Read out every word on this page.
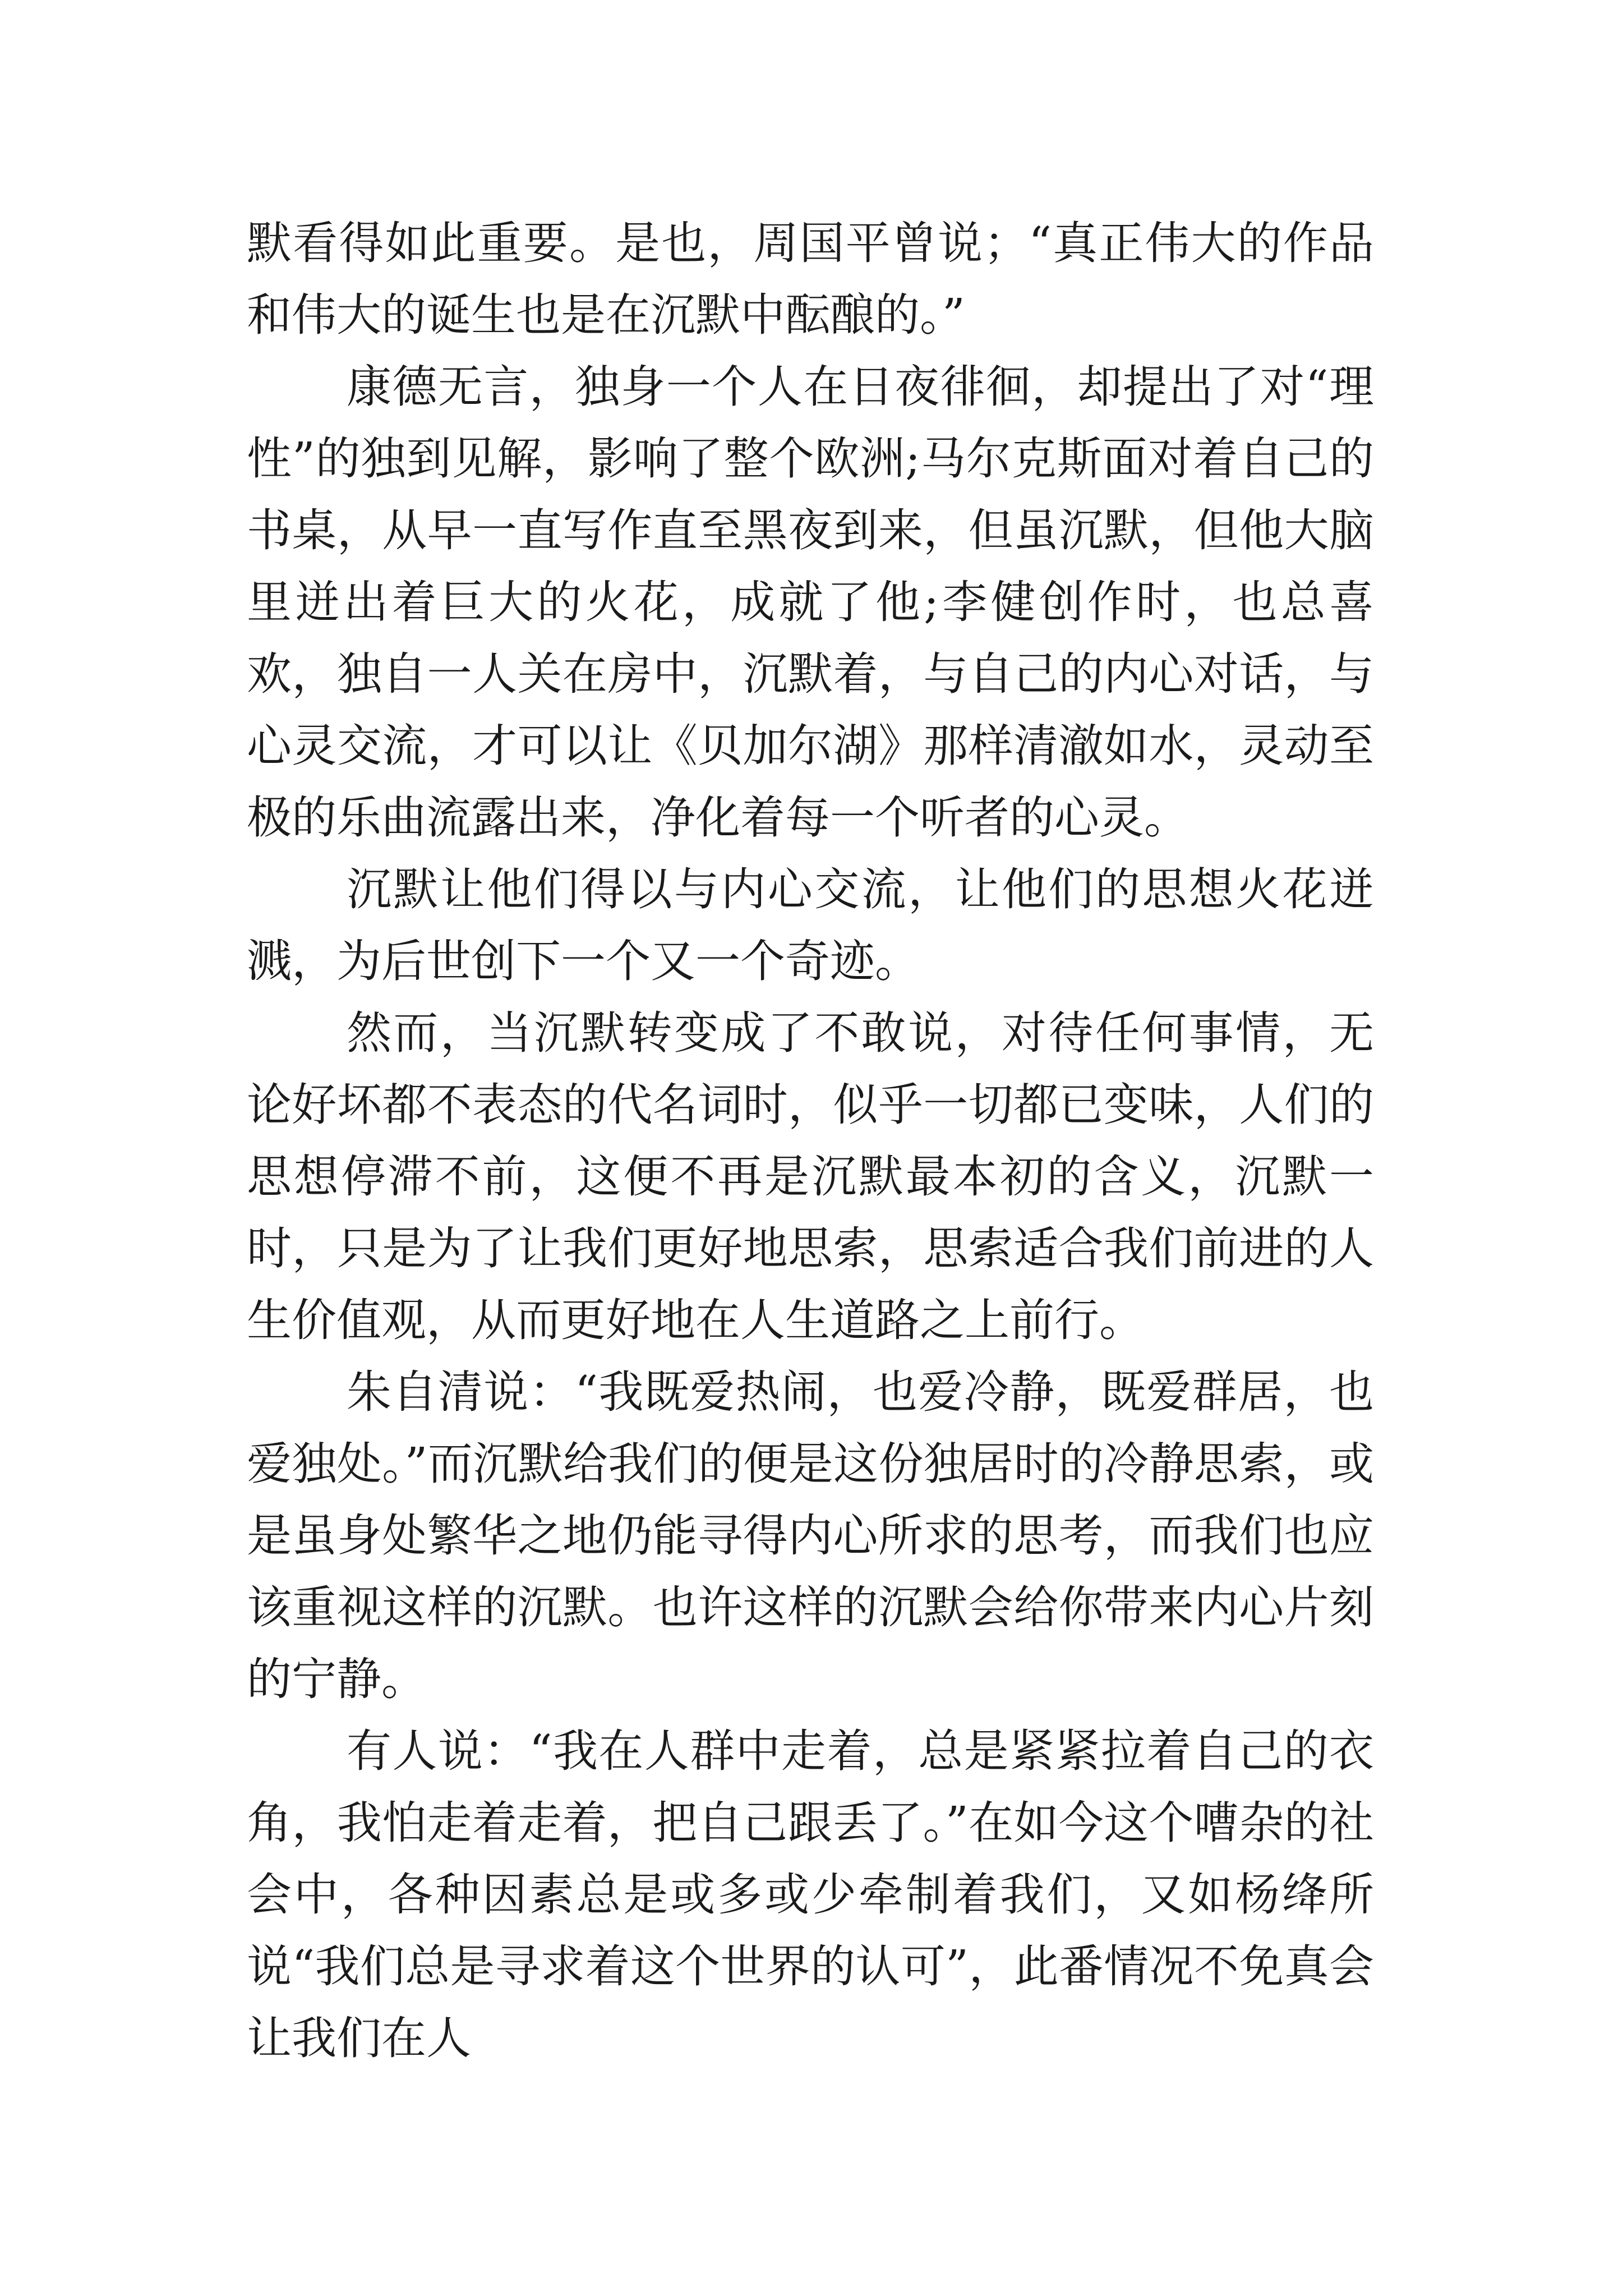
默看得如此重要。是也，周国平曾说；“真正伟大的作品和伟大的诞生也是在沉默中酝酿的。”

康德无言，独身一个人在日夜徘徊，却提出了对“理性”的独到见解，影响了整个欧洲;马尔克斯面对着自己的书桌，从早一直写作直至黑夜到来，但虽沉默，但他大脑里迸出着巨大的火花，成就了他;李健创作时，也总喜欢，独自一人关在房中，沉默着，与自己的内心对话，与心灵交流，才可以让《贝加尔湖》那样清澈如水，灵动至极的乐曲流露出来，净化着每一个听者的心灵。

沉默让他们得以与内心交流，让他们的思想火花迸溅，为后世创下一个又一个奇迹。

然而，当沉默转变成了不敢说，对待任何事情，无论好坏都不表态的代名词时，似乎一切都已变味，人们的思想停滞不前，这便不再是沉默最本初的含义，沉默一时，只是为了让我们更好地思索，思索适合我们前进的人生价值观，从而更好地在人生道路之上前行。

朱自清说：“我既爱热闹，也爱冷静，既爱群居，也爱独处。”而沉默给我们的便是这份独居时的冷静思索，或是虽身处繁华之地仍能寻得内心所求的思考，而我们也应该重视这样的沉默。也许这样的沉默会给你带来内心片刻的宁静。

有人说：“我在人群中走着，总是紧紧拉着自己的衣角，我怕走着走着，把自己跟丢了。”在如今这个嘈杂的社会中，各种因素总是或多或少牵制着我们，又如杨绛所说“我们总是寻求着这个世界的认可”，此番情况不免真会让我们在人
